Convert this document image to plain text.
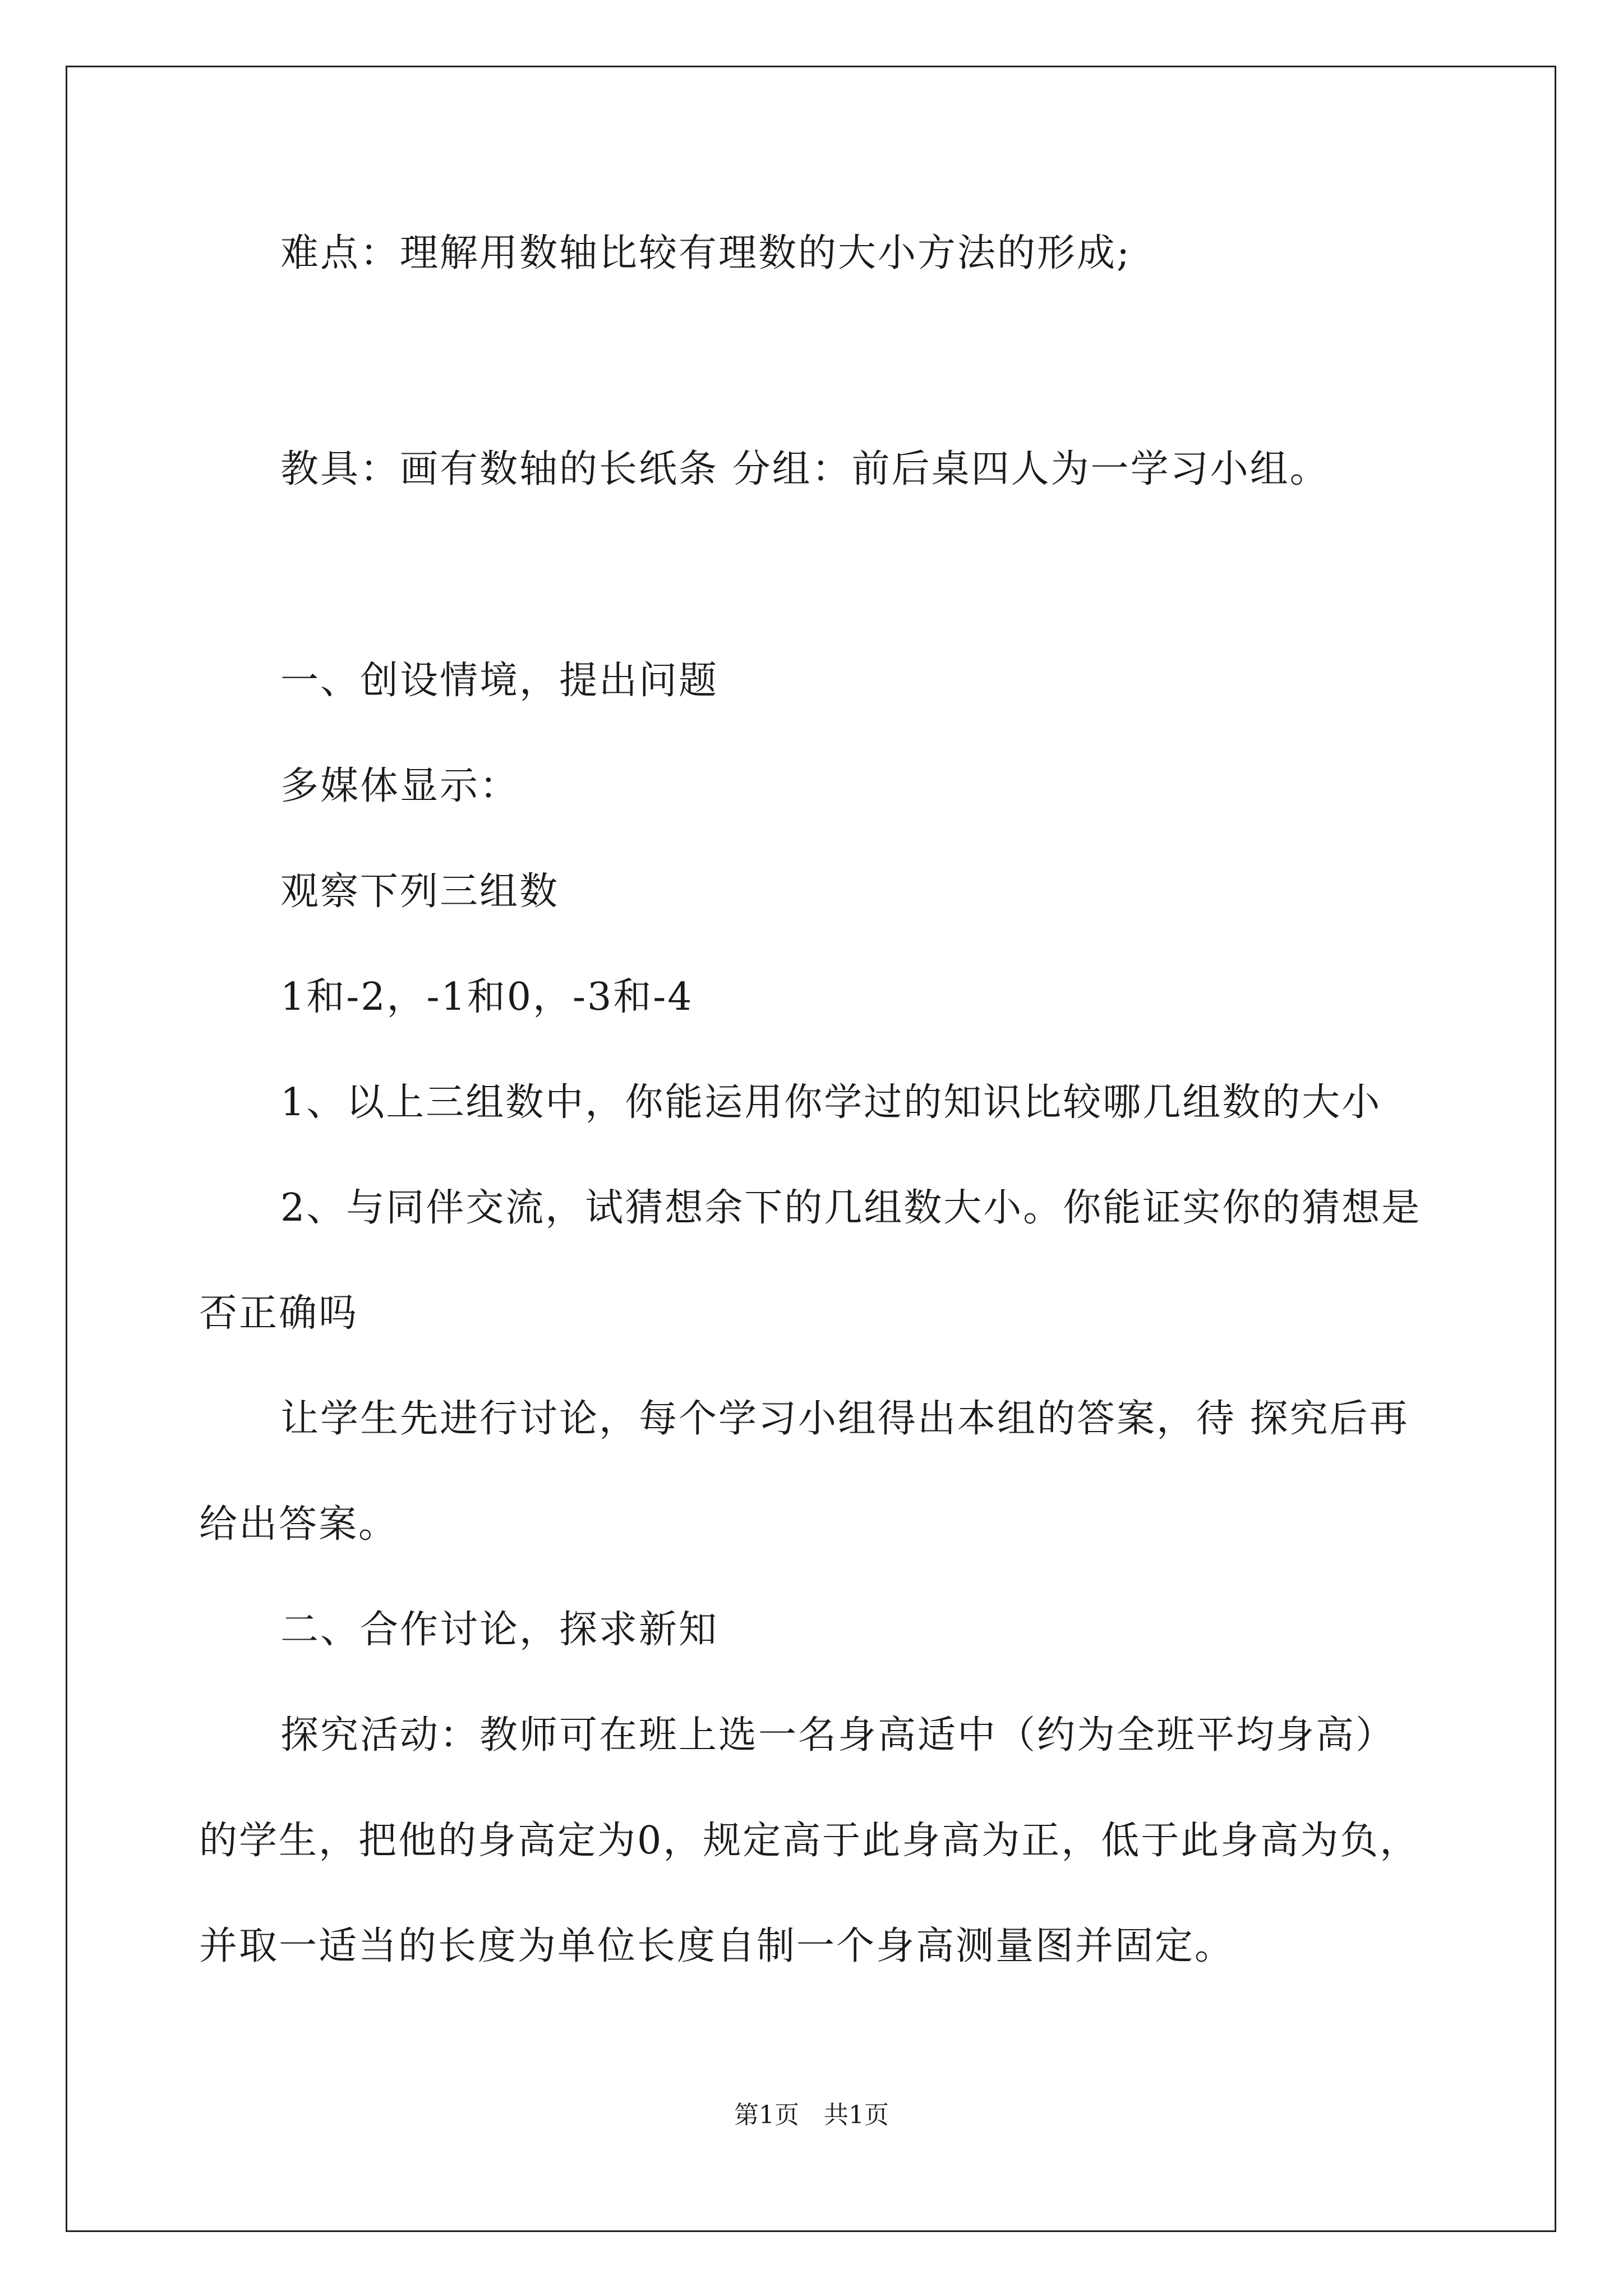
难点：理解用数轴比较有理数的大小方法的形成;
教具：画有数轴的长纸条 分组：前后桌四人为一学习小组。
一、创设情境，提出问题
多媒体显示：
观察下列三组数
1和-2，-1和0，-3和-4
1、以上三组数中，你能运用你学过的知识比较哪几组数的大小
2、与同伴交流，试猜想余下的几组数大小。你能证实你的猜想是
否正确吗
让学生先进行讨论，每个学习小组得出本组的答案，待 探究后再
给出答案。
二、合作讨论，探求新知
探究活动：教师可在班上选一名身高适中（约为全班平均身高）
的学生，把他的身高定为0，规定高于此身高为正，低于此身高为负，
并取一适当的长度为单位长度自制一个身高测量图并固定。
第1页　共1页
